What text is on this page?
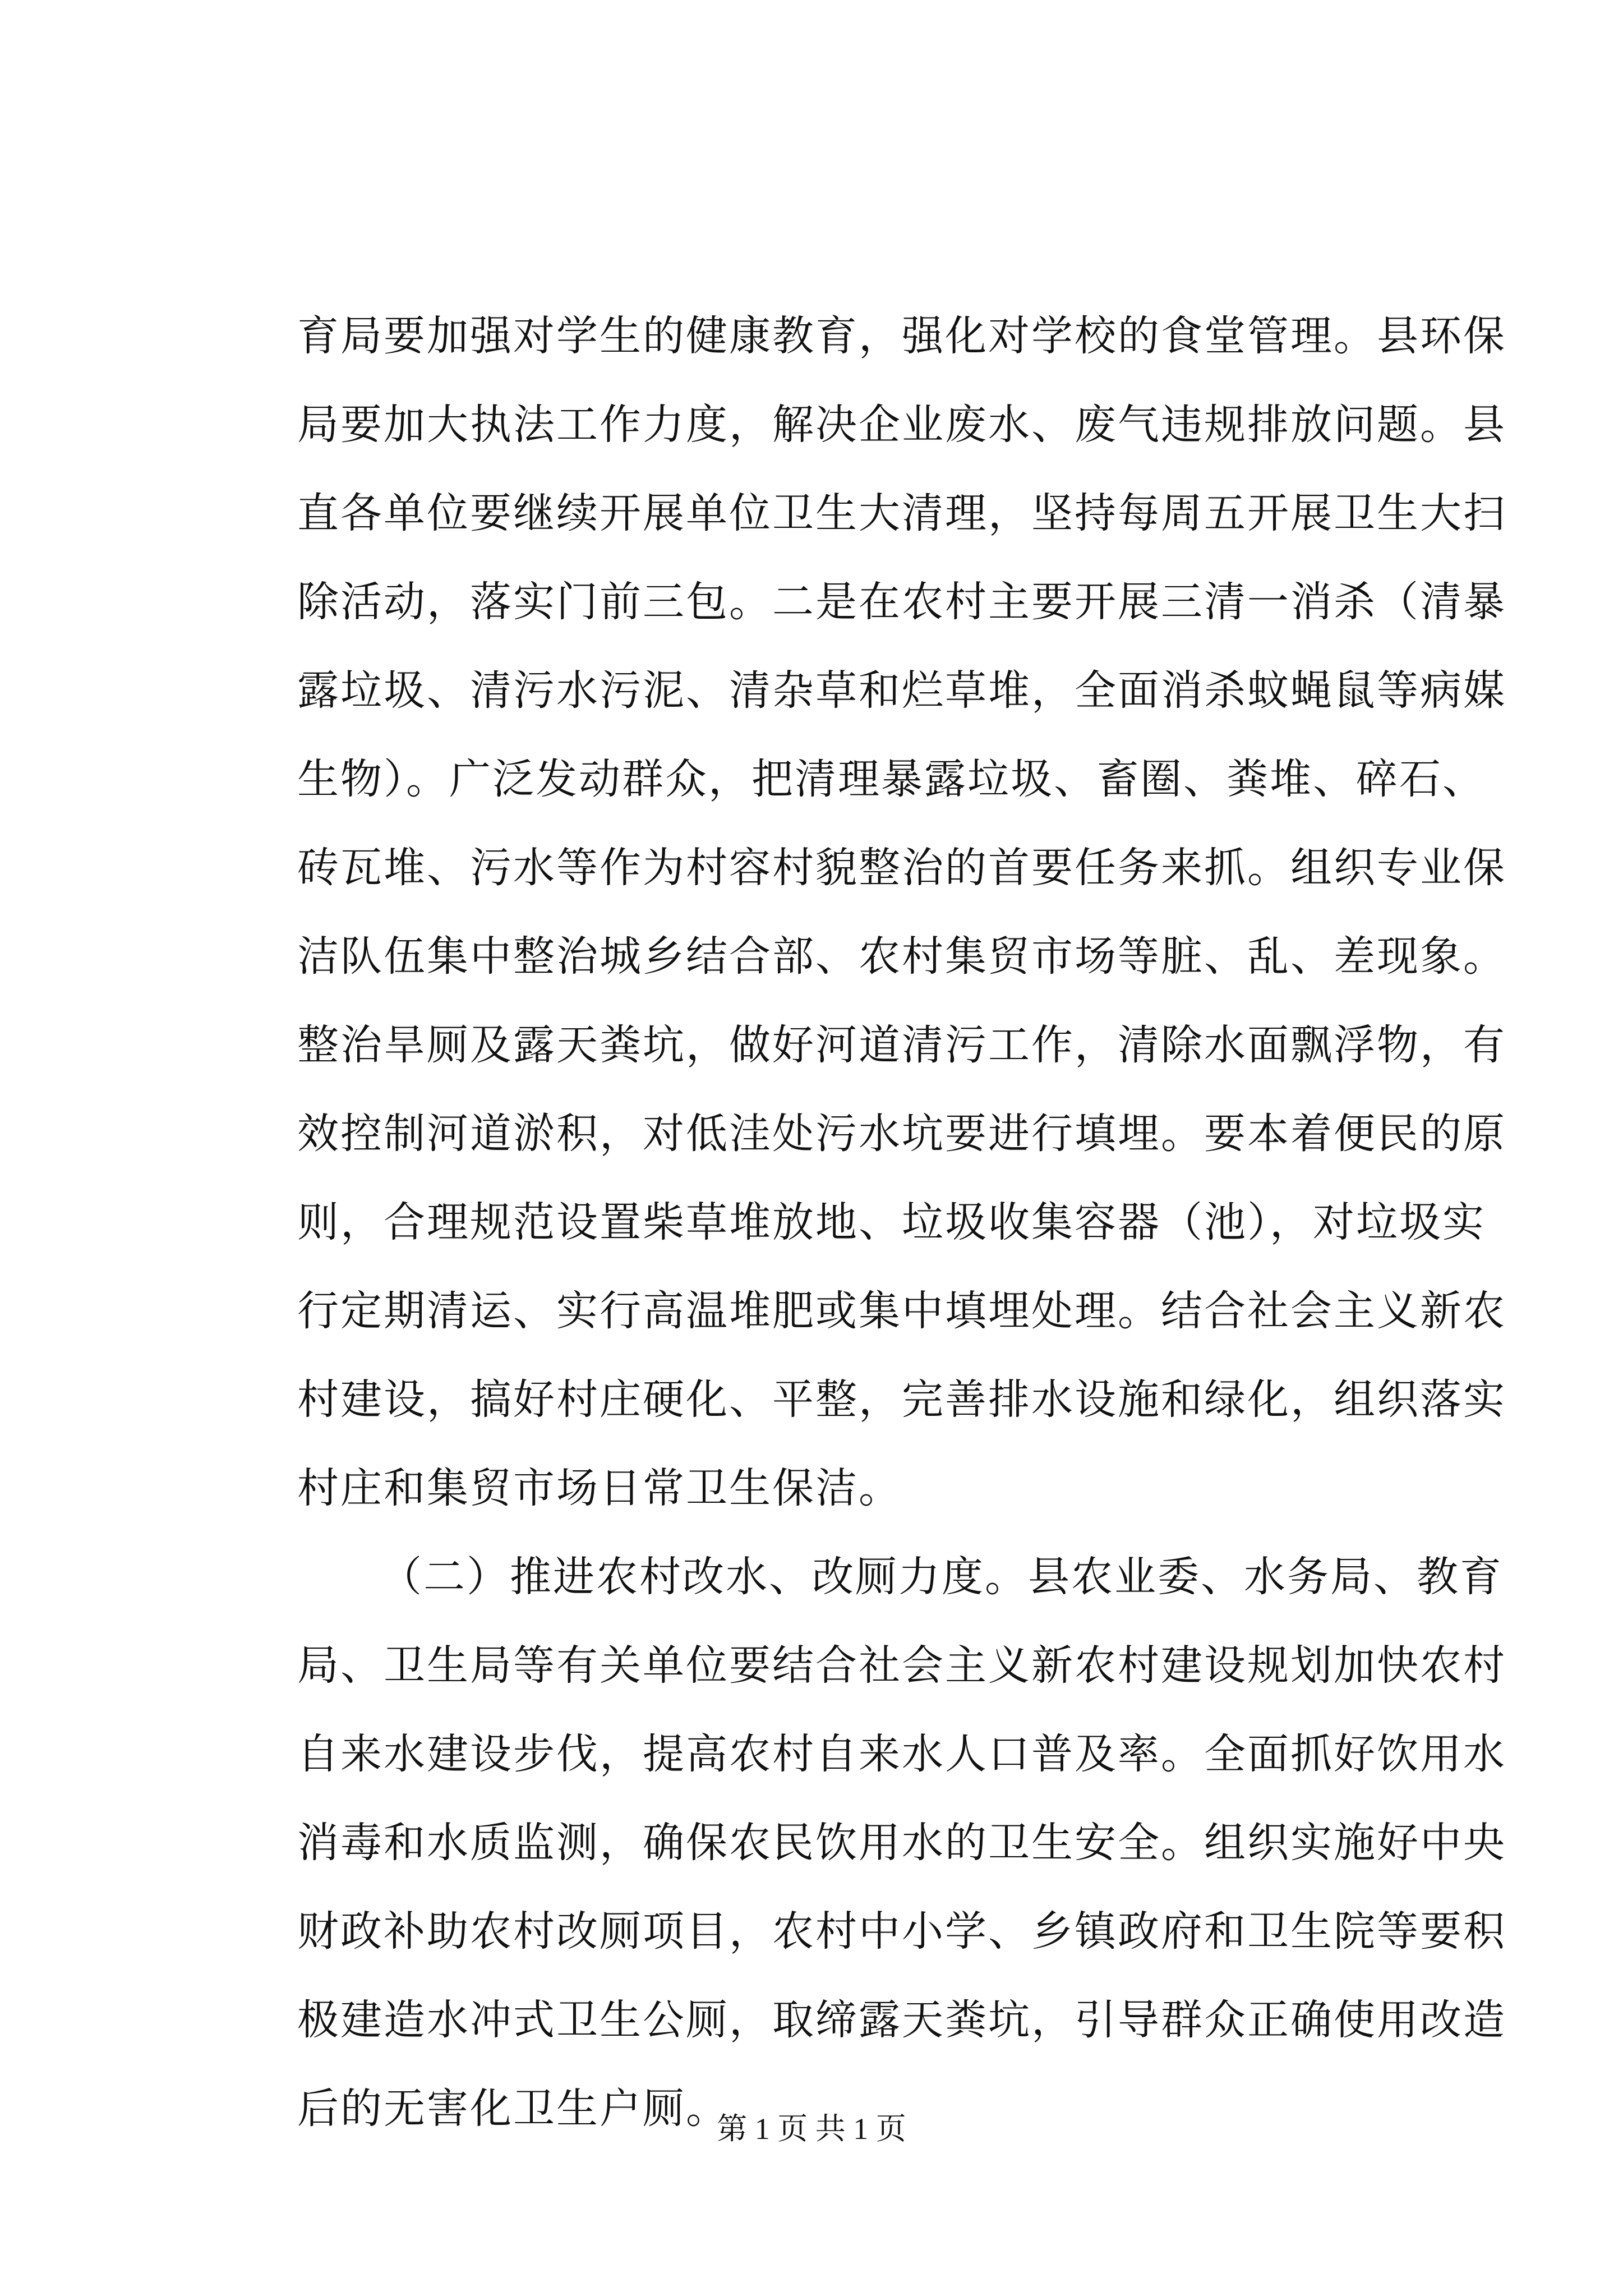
育局要加强对学生的健康教育，强化对学校的食堂管理。县环保
局要加大执法工作力度，解决企业废水、废气违规排放问题。县
直各单位要继续开展单位卫生大清理，坚持每周五开展卫生大扫
除活动，落实门前三包。二是在农村主要开展三清一消杀（清暴
露垃圾、清污水污泥、清杂草和烂草堆，全面消杀蚊蝇鼠等病媒
生物）。广泛发动群众，把清理暴露垃圾、畜圈、粪堆、碎石、
砖瓦堆、污水等作为村容村貌整治的首要任务来抓。组织专业保
洁队伍集中整治城乡结合部、农村集贸市场等脏、乱、差现象。
整治旱厕及露天粪坑，做好河道清污工作，清除水面飘浮物，有
效控制河道淤积，对低洼处污水坑要进行填埋。要本着便民的原
则，合理规范设置柴草堆放地、垃圾收集容器（池），对垃圾实
行定期清运、实行高温堆肥或集中填埋处理。结合社会主义新农
村建设，搞好村庄硬化、平整，完善排水设施和绿化，组织落实
村庄和集贸市场日常卫生保洁。
（二）推进农村改水、改厕力度。县农业委、水务局、教育
局、卫生局等有关单位要结合社会主义新农村建设规划加快农村
自来水建设步伐，提高农村自来水人口普及率。全面抓好饮用水
消毒和水质监测，确保农民饮用水的卫生安全。组织实施好中央
财政补助农村改厕项目，农村中小学、乡镇政府和卫生院等要积
极建造水冲式卫生公厕，取缔露天粪坑，引导群众正确使用改造
后的无害化卫生户厕。
第 1 页 共 1 页
